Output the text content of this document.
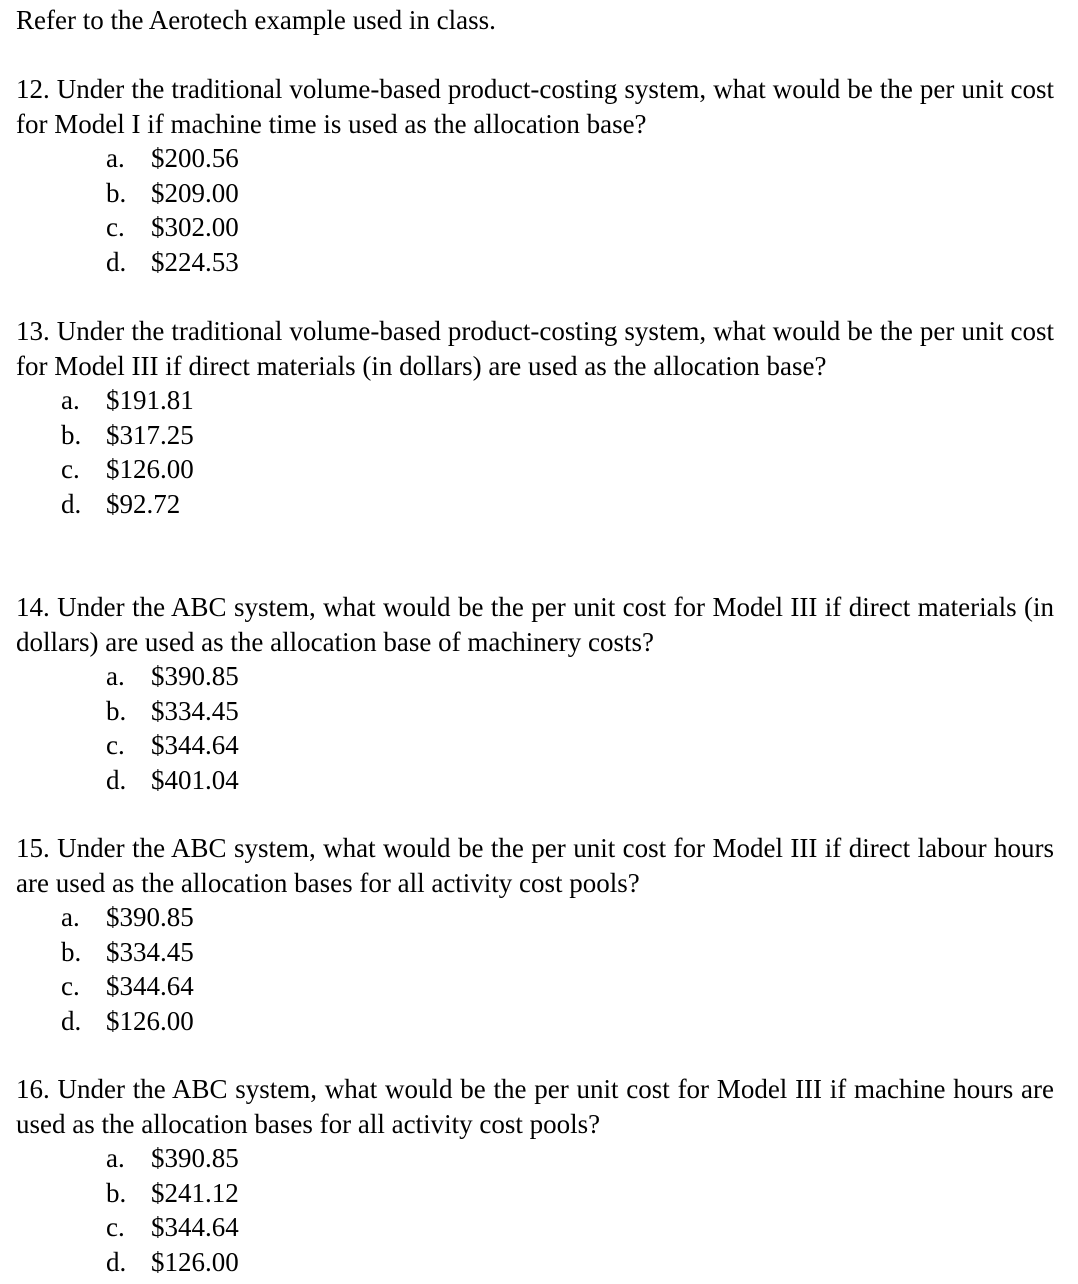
Refer to the Aerotech example used in class.

12. Under the traditional volume-based product-costing system, what would be the per unit cost for Model I if machine time is used as the allocation base?

a. $200.56
b. $209.00
c. $302.00
d. $224.53

13. Under the traditional volume-based product-costing system, what would be the per unit cost for Model III if direct materials (in dollars) are used as the allocation base?

a. $191.81
b. $317.25
c. $126.00
d. $92.72

14. Under the ABC system, what would be the per unit cost for Model III if direct materials (in dollars) are used as the allocation base of machinery costs?

a. $390.85
b. $334.45
c. $344.64
d. $401.04

15. Under the ABC system, what would be the per unit cost for Model III if direct labour hours are used as the allocation bases for all activity cost pools?

a. $390.85
b. $334.45
c. $344.64
d. $126.00

16. Under the ABC system, what would be the per unit cost for Model III if machine hours are used as the allocation bases for all activity cost pools?

a. $390.85
b. $241.12
c. $344.64
d. $126.00
